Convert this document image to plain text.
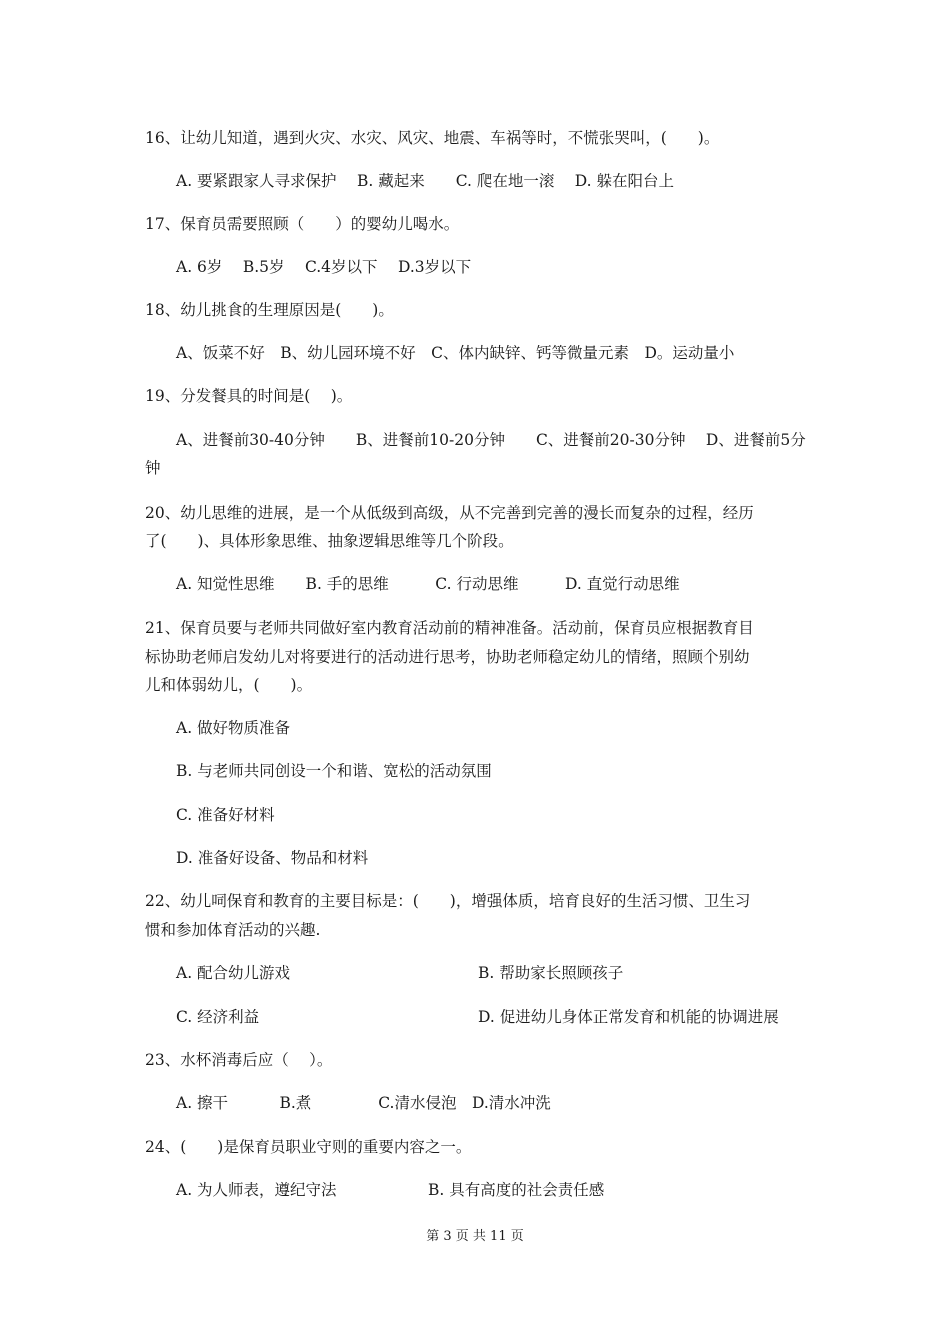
16、让幼儿知道，遇到火灾、水灾、风灾、地震、车祸等时，不慌张哭叫，(　　)。
A. 要紧跟家人寻求保护　 B. 藏起来　　C. 爬在地一滚　 D. 躲在阳台上
17、保育员需要照顾（　　）的婴幼儿喝水。
A. 6岁　 B.5岁　 C.4岁以下　 D.3岁以下
18、幼儿挑食的生理原因是(　　)。
A、饭菜不好　B、幼儿园环境不好　C、体内缺锌、钙等微量元素　D。运动量小
19、分发餐具的时间是(　 )。
A、进餐前30-40分钟　　B、进餐前10-20分钟　　C、进餐前20-30分钟　 D、进餐前5分
钟
20、幼儿思维的进展，是一个从低级到高级，从不完善到完善的漫长而复杂的过程，经历
了(　　)、具体形象思维、抽象逻辑思维等几个阶段。
A. 知觉性思维　　B. 手的思维　　　C. 行动思维　　　D. 直觉行动思维
21、保育员要与老师共同做好室内教育活动前的精神准备。活动前，保育员应根据教育目
标协助老师启发幼儿对将要进行的活动进行思考，协助老师稳定幼儿的情绪，照顾个别幼
儿和体弱幼儿，(　　)。
A. 做好物质准备
B. 与老师共同创设一个和谐、宽松的活动氛围
C. 准备好材料
D. 准备好设备、物品和材料
22、幼儿呞保育和教育的主要目标是：(　　)，增强体质，培育良好的生活习惯、卫生习
惯和参加体育活动的兴趣.
A. 配合幼儿游戏	B. 帮助家长照顾孩子
C. 经济利益	D. 促进幼儿身体正常发育和机能的协调进展
23、水杯消毒后应（　 ）。
A. 擦干　　　 B.煮　　　　 C.清水侵泡　D.清水冲洗
24、(　　)是保育员职业守则的重要内容之一。
A. 为人师表，遵纪守法	B. 具有高度的社会责任感
第 3 页 共 11 页
